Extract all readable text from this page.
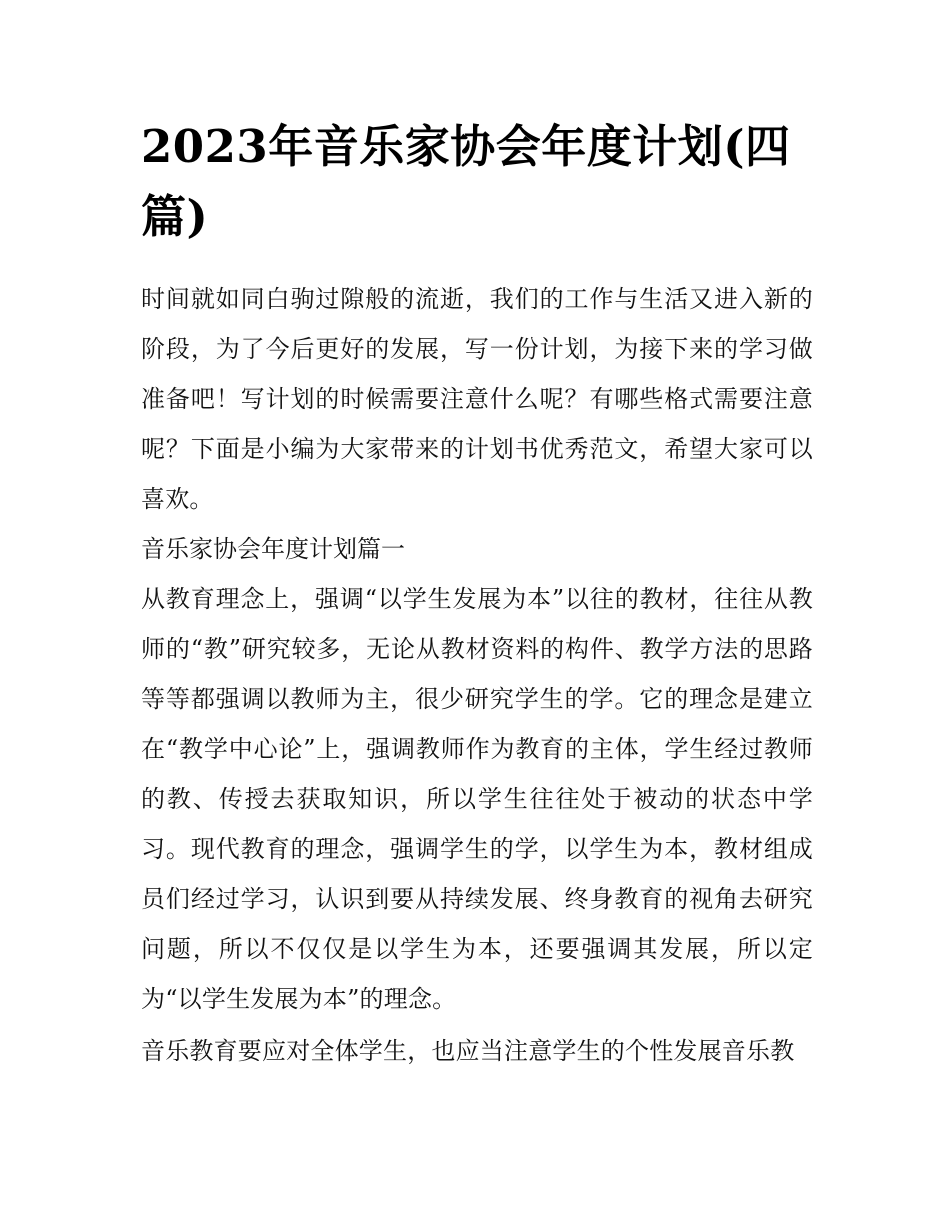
2023年音乐家协会年度计划(四篇)

时间就如同白驹过隙般的流逝，我们的工作与生活又进入新的阶段，为了今后更好的发展，写一份计划，为接下来的学习做准备吧！写计划的时候需要注意什么呢？有哪些格式需要注意呢？下面是小编为大家带来的计划书优秀范文，希望大家可以喜欢。

音乐家协会年度计划篇一

从教育理念上，强调“以学生发展为本”以往的教材，往往从教师的“教”研究较多，无论从教材资料的构件、教学方法的思路等等都强调以教师为主，很少研究学生的学。它的理念是建立在“教学中心论”上，强调教师作为教育的主体，学生经过教师的教、传授去获取知识，所以学生往往处于被动的状态中学习。现代教育的理念，强调学生的学，以学生为本，教材组成员们经过学习，认识到要从持续发展、终身教育的视角去研究问题，所以不仅仅是以学生为本，还要强调其发展，所以定为“以学生发展为本”的理念。

音乐教育要应对全体学生，也应当注意学生的个性发展音乐教
